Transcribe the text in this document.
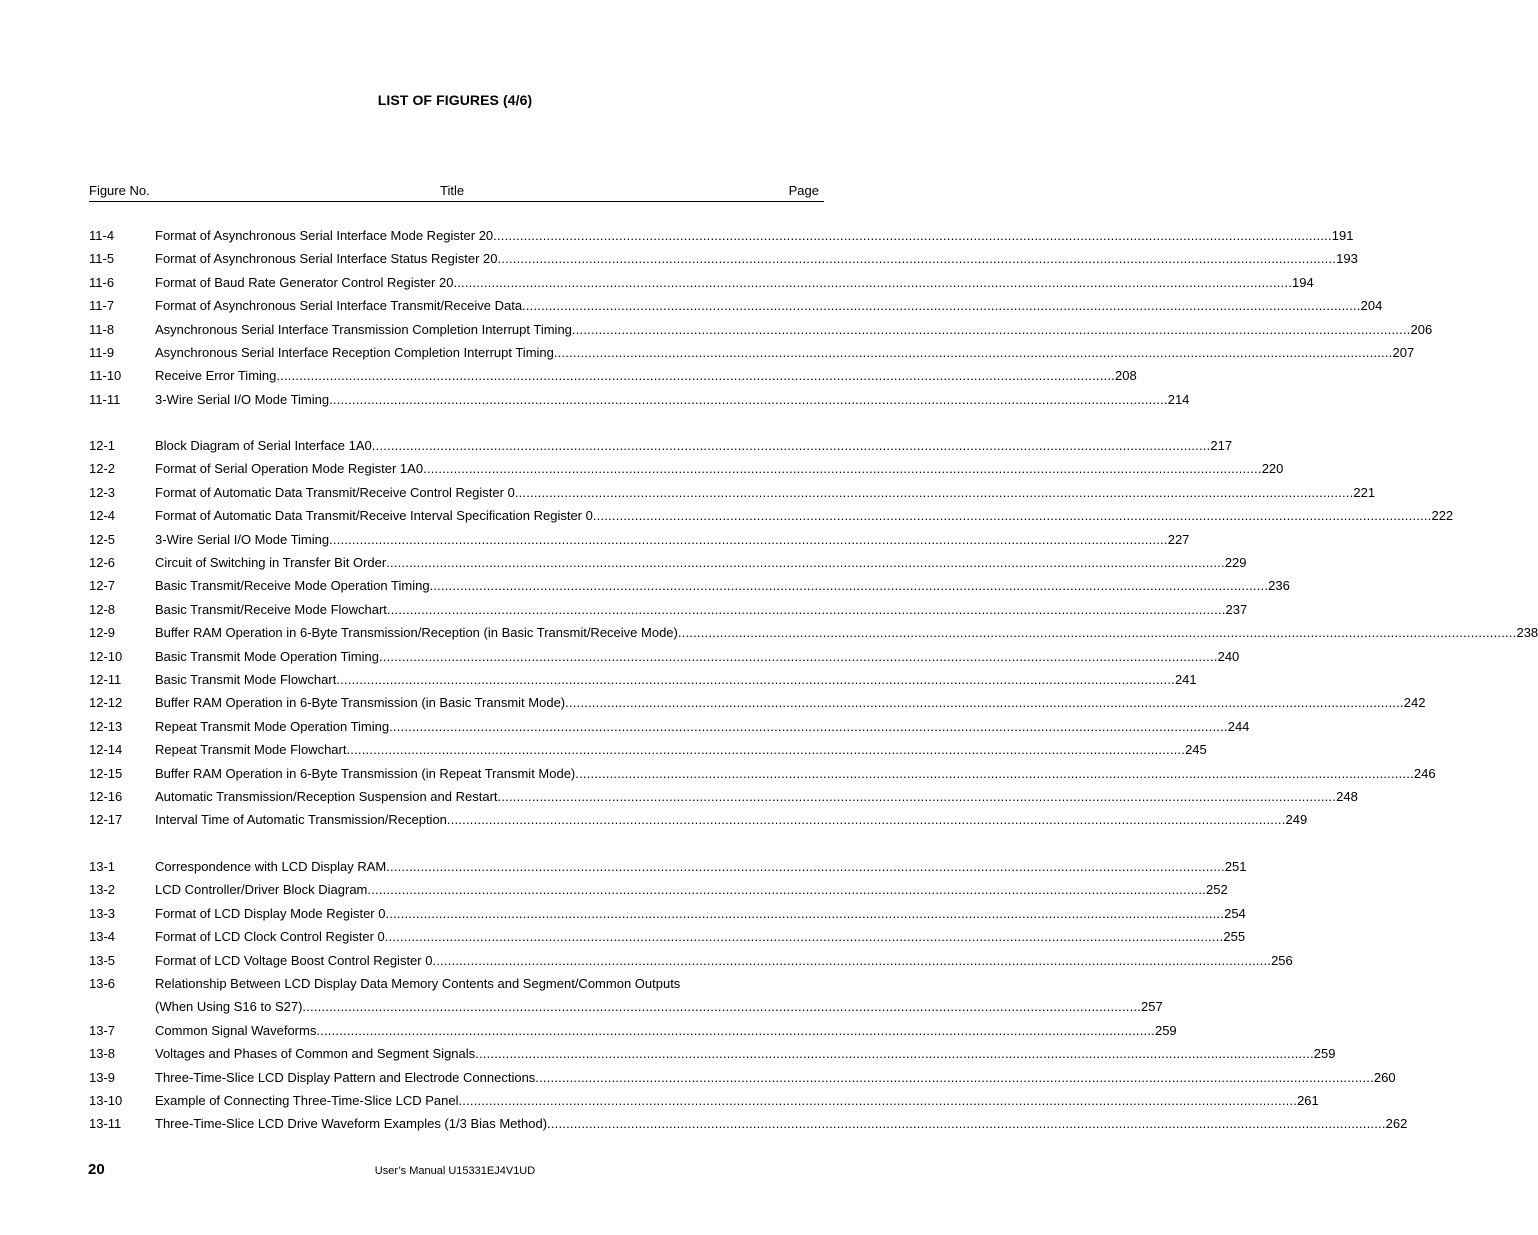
LIST OF FIGURES (4/6)
Figure No.	Title	Page
11-4	Format of Asynchronous Serial Interface Mode Register 20 ............................................................................................................................................................................................................................ 191
11-5	Format of Asynchronous Serial Interface Status Register 20 ............................................................................................................................................................................................................................ 193
11-6	Format of Baud Rate Generator Control Register 20 ............................................................................................................................................................................................................................ 194
11-7	Format of Asynchronous Serial Interface Transmit/Receive Data ............................................................................................................................................................................................................................ 204
11-8	Asynchronous Serial Interface Transmission Completion Interrupt Timing ............................................................................................................................................................................................................................ 206
11-9	Asynchronous Serial Interface Reception Completion Interrupt Timing ............................................................................................................................................................................................................................ 207
11-10	Receive Error Timing ............................................................................................................................................................................................................................ 208
11-11	3-Wire Serial I/O Mode Timing ............................................................................................................................................................................................................................ 214
12-1	Block Diagram of Serial Interface 1A0 ............................................................................................................................................................................................................................ 217
12-2	Format of Serial Operation Mode Register 1A0 ............................................................................................................................................................................................................................ 220
12-3	Format of Automatic Data Transmit/Receive Control Register 0 ............................................................................................................................................................................................................................ 221
12-4	Format of Automatic Data Transmit/Receive Interval Specification Register 0 ............................................................................................................................................................................................................................ 222
12-5	3-Wire Serial I/O Mode Timing ............................................................................................................................................................................................................................ 227
12-6	Circuit of Switching in Transfer Bit Order ............................................................................................................................................................................................................................ 229
12-7	Basic Transmit/Receive Mode Operation Timing ............................................................................................................................................................................................................................ 236
12-8	Basic Transmit/Receive Mode Flowchart ............................................................................................................................................................................................................................ 237
12-9	Buffer RAM Operation in 6-Byte Transmission/Reception (in Basic Transmit/Receive Mode) ............................................................................................................................................................................................................................ 238
12-10	Basic Transmit Mode Operation Timing ............................................................................................................................................................................................................................ 240
12-11	Basic Transmit Mode Flowchart ............................................................................................................................................................................................................................ 241
12-12	Buffer RAM Operation in 6-Byte Transmission (in Basic Transmit Mode) ............................................................................................................................................................................................................................ 242
12-13	Repeat Transmit Mode Operation Timing ............................................................................................................................................................................................................................ 244
12-14	Repeat Transmit Mode Flowchart ............................................................................................................................................................................................................................ 245
12-15	Buffer RAM Operation in 6-Byte Transmission (in Repeat Transmit Mode) ............................................................................................................................................................................................................................ 246
12-16	Automatic Transmission/Reception Suspension and Restart ............................................................................................................................................................................................................................ 248
12-17	Interval Time of Automatic Transmission/Reception ............................................................................................................................................................................................................................ 249
13-1	Correspondence with LCD Display RAM ............................................................................................................................................................................................................................ 251
13-2	LCD Controller/Driver Block Diagram ............................................................................................................................................................................................................................ 252
13-3	Format of LCD Display Mode Register 0 ............................................................................................................................................................................................................................ 254
13-4	Format of LCD Clock Control Register 0 ............................................................................................................................................................................................................................ 255
13-5	Format of LCD Voltage Boost Control Register 0 ............................................................................................................................................................................................................................ 256
13-6	Relationship Between LCD Display Data Memory Contents and Segment/Common Outputs
(When Using S16 to S27) ............................................................................................................................................................................................................................ 257
13-7	Common Signal Waveforms ............................................................................................................................................................................................................................ 259
13-8	Voltages and Phases of Common and Segment Signals ............................................................................................................................................................................................................................ 259
13-9	Three-Time-Slice LCD Display Pattern and Electrode Connections ............................................................................................................................................................................................................................ 260
13-10	Example of Connecting Three-Time-Slice LCD Panel ............................................................................................................................................................................................................................ 261
13-11	Three-Time-Slice LCD Drive Waveform Examples (1/3 Bias Method) ............................................................................................................................................................................................................................ 262
20	User’s Manual U15331EJ4V1UD
